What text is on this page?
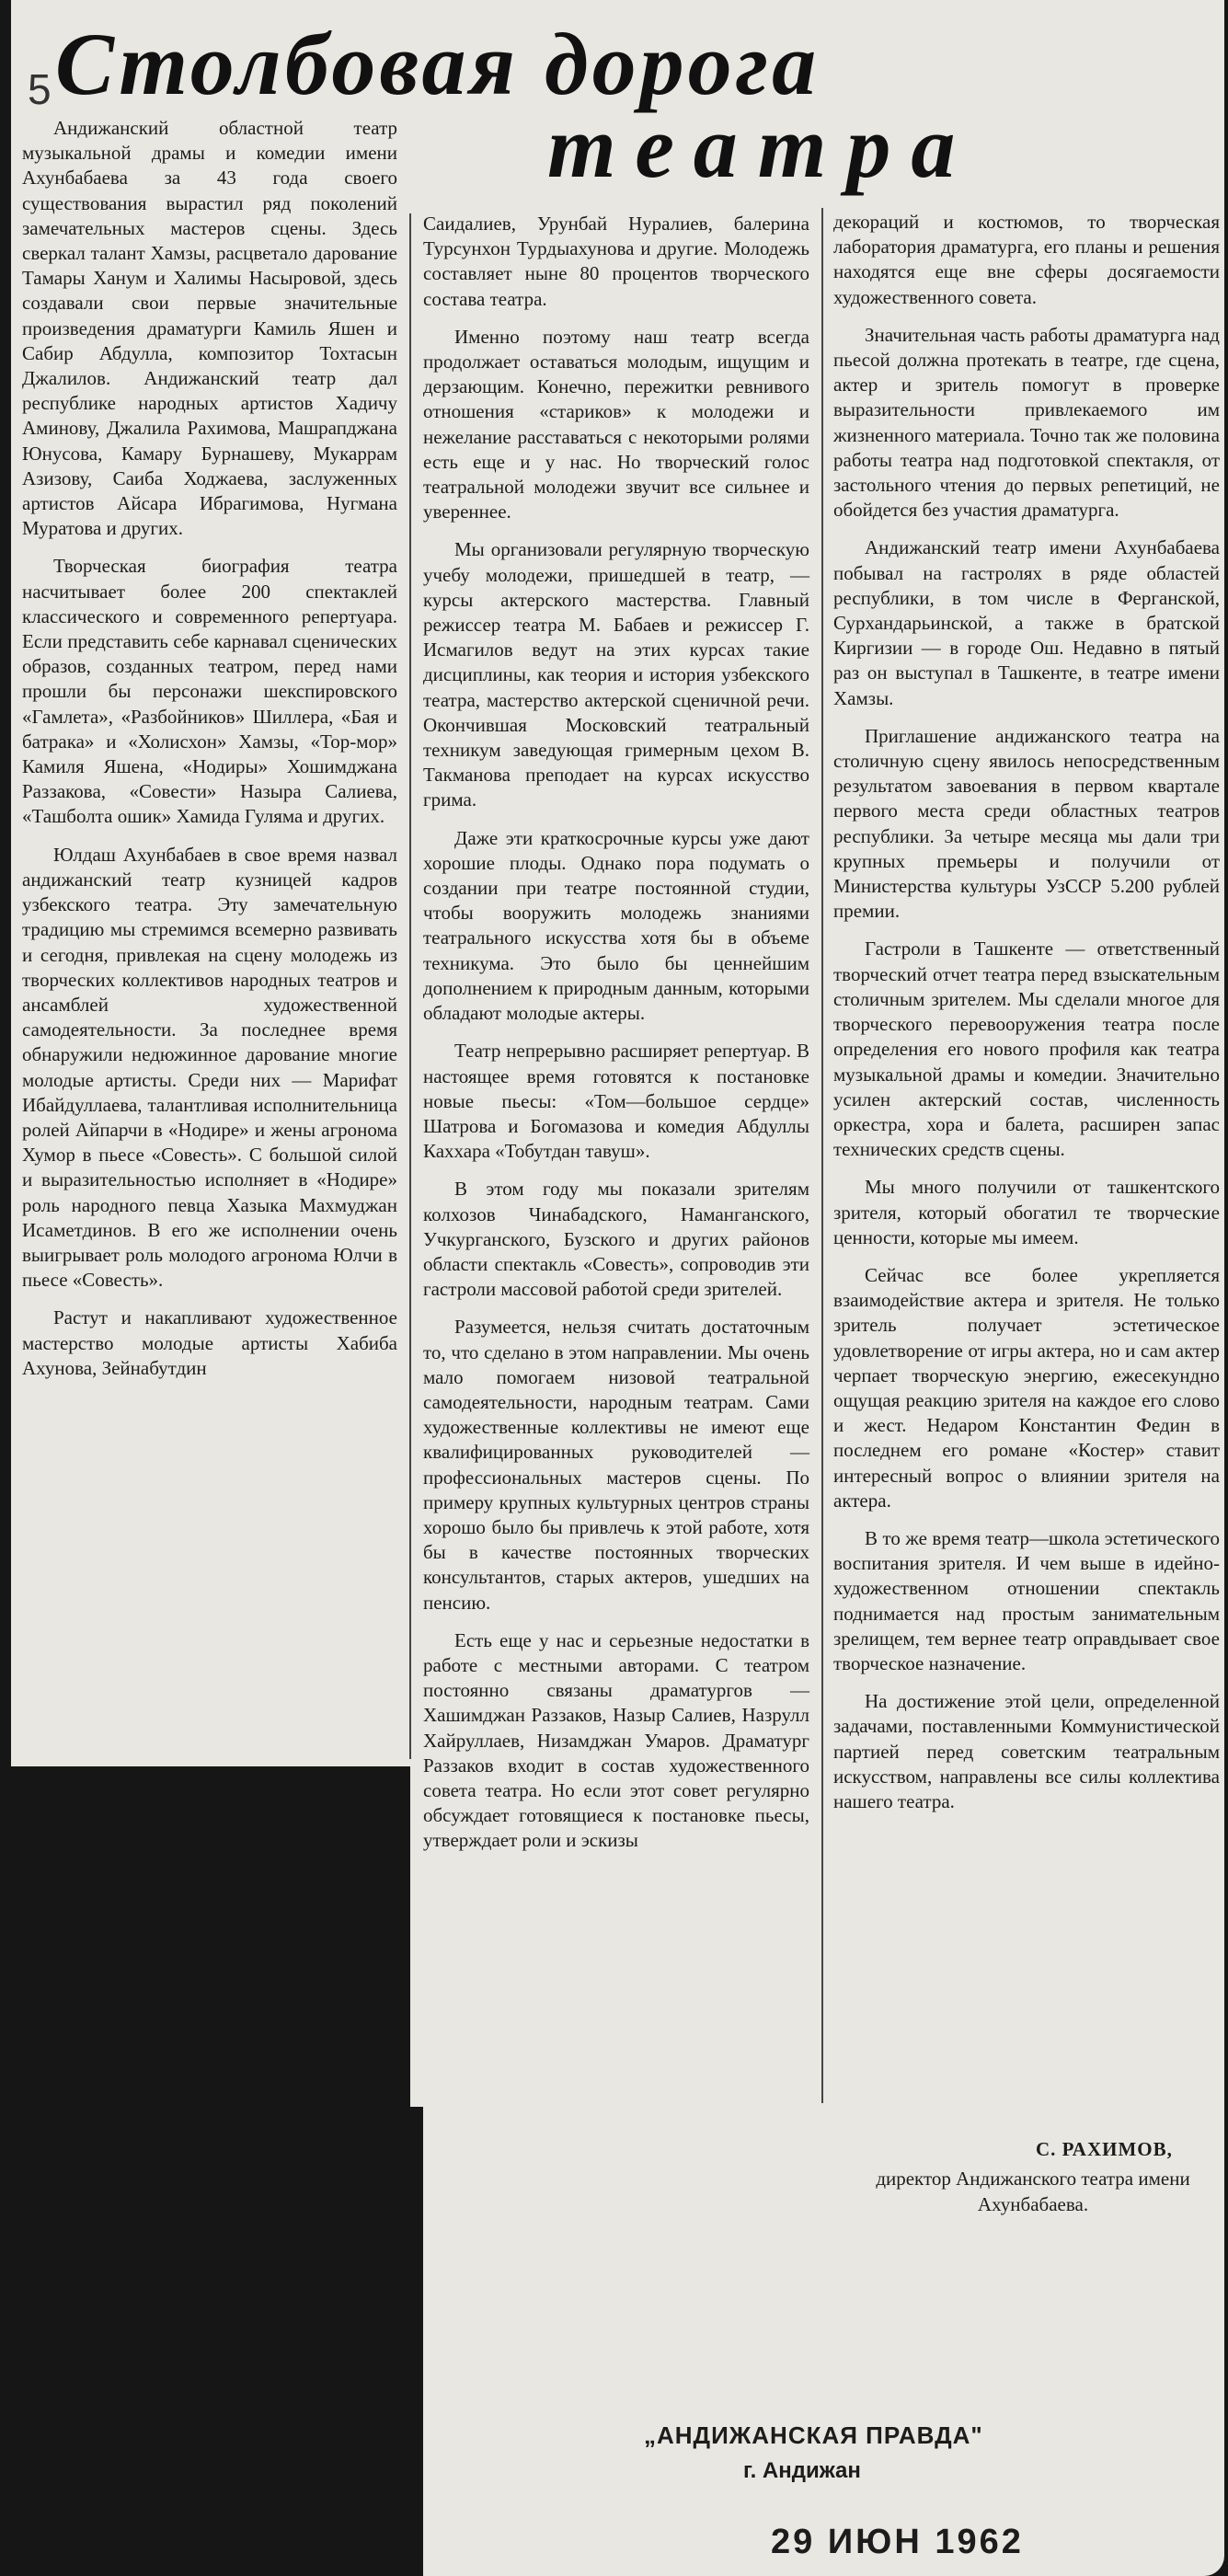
5 Столбовая дорога
театра

Андижанский областной театр музыкальной драмы и комедии имени Ахунбабаева за 43 года своего существования вырастил ряд поколений замечательных мастеров сцены. Здесь сверкал талант Хамзы, расцветало дарование Тамары Ханум и Халимы Насыровой, здесь создавали свои первые значительные произведения драматурги Камиль Яшен и Сабир Абдулла, композитор Тохтасын Джалилов. Андижанский театр дал республике народных артистов Хадичу Аминову, Джалила Рахимова, Машрапджана Юнусова, Камару Бурнашеву, Мукаррам Азизову, Саиба Ходжаева, заслуженных артистов Айсара Ибрагимова, Нугмана Муратова и других.

Творческая биография театра насчитывает более 200 спектаклей классического и современного репертуара. Если представить себе карнавал сценических образов, созданных театром, перед нами прошли бы персонажи шекспировского «Гамлета», «Разбойников» Шиллера, «Бая и батрака» и «Холисхон» Хамзы, «Тор-мор» Камиля Яшена, «Нодиры» Хошимджана Раззакова, «Совести» Назыра Салиева, «Ташболта ошик» Хамида Гуляма и других.

Юлдаш Ахунбабаев в свое время назвал андижанский театр кузницей кадров узбекского театра. Эту замечательную традицию мы стремимся всемерно развивать и сегодня, привлекая на сцену молодежь из творческих коллективов народных театров и ансамблей художественной самодеятельности. За последнее время обнаружили недюжинное дарование многие молодые артисты. Среди них — Марифат Ибайдуллаева, талантливая исполнительница ролей Айпарчи в «Нодире» и жены агронома Хумор в пьесе «Совесть». С большой силой и выразительностью исполняет в «Нодире» роль народного певца Хазыка Махмуджан Исаметдинов. В его же исполнении очень выигрывает роль молодого агронома Юлчи в пьесе «Совесть».

Растут и накапливают художественное мастерство молодые артисты Хабиба Ахунова, Зейнабутдин

Саидалиев, Урунбай Нуралиев, балерина Турсунхон Турдыахунова и другие. Молодежь составляет ныне 80 процентов творческого состава театра.

Именно поэтому наш театр всегда продолжает оставаться молодым, ищущим и дерзающим. Конечно, пережитки ревнивого отношения «стариков» к молодежи и нежелание расставаться с некоторыми ролями есть еще и у нас. Но творческий голос театральной молодежи звучит все сильнее и увереннее.

Мы организовали регулярную творческую учебу молодежи, пришедшей в театр, — курсы актерского мастерства. Главный режиссер театра М. Бабаев и режиссер Г. Исмагилов ведут на этих курсах такие дисциплины, как теория и история узбекского театра, мастерство актерской сценичной речи. Окончившая Московский театральный техникум заведующая гримерным цехом В. Такманова преподает на курсах искусство грима.

Даже эти краткосрочные курсы уже дают хорошие плоды. Однако пора подумать о создании при театре постоянной студии, чтобы вооружить молодежь знаниями театрального искусства хотя бы в объеме техникума. Это было бы ценнейшим дополнением к природным данным, которыми обладают молодые актеры.

Театр непрерывно расширяет репертуар. В настоящее время готовятся к постановке новые пьесы: «Том—большое сердце» Шатрова и Богомазова и комедия Абдуллы Каххара «Тобутдан тавуш».

В этом году мы показали зрителям колхозов Чинабадского, Наманганского, Учкурганского, Бузского и других районов области спектакль «Совесть», сопроводив эти гастроли массовой работой среди зрителей.

Разумеется, нельзя считать достаточным то, что сделано в этом направлении. Мы очень мало помогаем низовой театральной самодеятельности, народным театрам. Сами художественные коллективы не имеют еще квалифицированных руководителей — профессиональных мастеров сцены. По примеру крупных культурных центров страны хорошо было бы привлечь к этой работе, хотя бы в качестве постоянных творческих консультантов, старых актеров, ушедших на пенсию.

Есть еще у нас и серьезные недостатки в работе с местными авторами. С театром постоянно связаны драматургов — Хашимджан Раззаков, Назыр Салиев, Назрулл Хайруллаев, Низамджан Умаров. Драматург Раззаков входит в состав художественного совета театра. Но если этот совет регулярно обсуждает готовящиеся к постановке пьесы, утверждает роли и эскизы

декораций и костюмов, то творческая лаборатория драматурга, его планы и решения находятся еще вне сферы досягаемости художественного совета.

Значительная часть работы драматурга над пьесой должна протекать в театре, где сцена, актер и зритель помогут в проверке выразительности привлекаемого им жизненного материала. Точно так же половина работы театра над подготовкой спектакля, от застольного чтения до первых репетиций, не обойдется без участия драматурга.

Андижанский театр имени Ахунбабаева побывал на гастролях в ряде областей республики, в том числе в Ферганской, Сурхандарьинской, а также в братской Киргизии — в городе Ош. Недавно в пятый раз он выступал в Ташкенте, в театре имени Хамзы.

Приглашение андижанского театра на столичную сцену явилось непосредственным результатом завоевания в первом квартале первого места среди областных театров республики. За четыре месяца мы дали три крупных премьеры и получили от Министерства культуры УзССР 5.200 рублей премии.

Гастроли в Ташкенте — ответственный творческий отчет театра перед взыскательным столичным зрителем. Мы сделали многое для творческого перевооружения театра после определения его нового профиля как театра музыкальной драмы и комедии. Значительно усилен актерский состав, численность оркестра, хора и балета, расширен запас технических средств сцены.

Мы много получили от ташкентского зрителя, который обогатил те творческие ценности, которые мы имеем.

Сейчас все более укрепляется взаимодействие актера и зрителя. Не только зритель получает эстетическое удовлетворение от игры актера, но и сам актер черпает творческую энергию, ежесекундно ощущая реакцию зрителя на каждое его слово и жест. Недаром Константин Федин в последнем его романе «Костер» ставит интересный вопрос о влиянии зрителя на актера.

В то же время театр—школа эстетического воспитания зрителя. И чем выше в идейно-художественном отношении спектакль поднимается над простым занимательным зрелищем, тем вернее театр оправдывает свое творческое назначение.

На достижение этой цели, определенной задачами, поставленными Коммунистической партией перед советским театральным искусством, направлены все силы коллектива нашего театра.

С. РАХИМОВ,
директор Андижанского театра имени Ахунбабаева.
„АНДИЖАНСКАЯ ПРАВДА"
г. Андижан
29 ИЮН 1962
